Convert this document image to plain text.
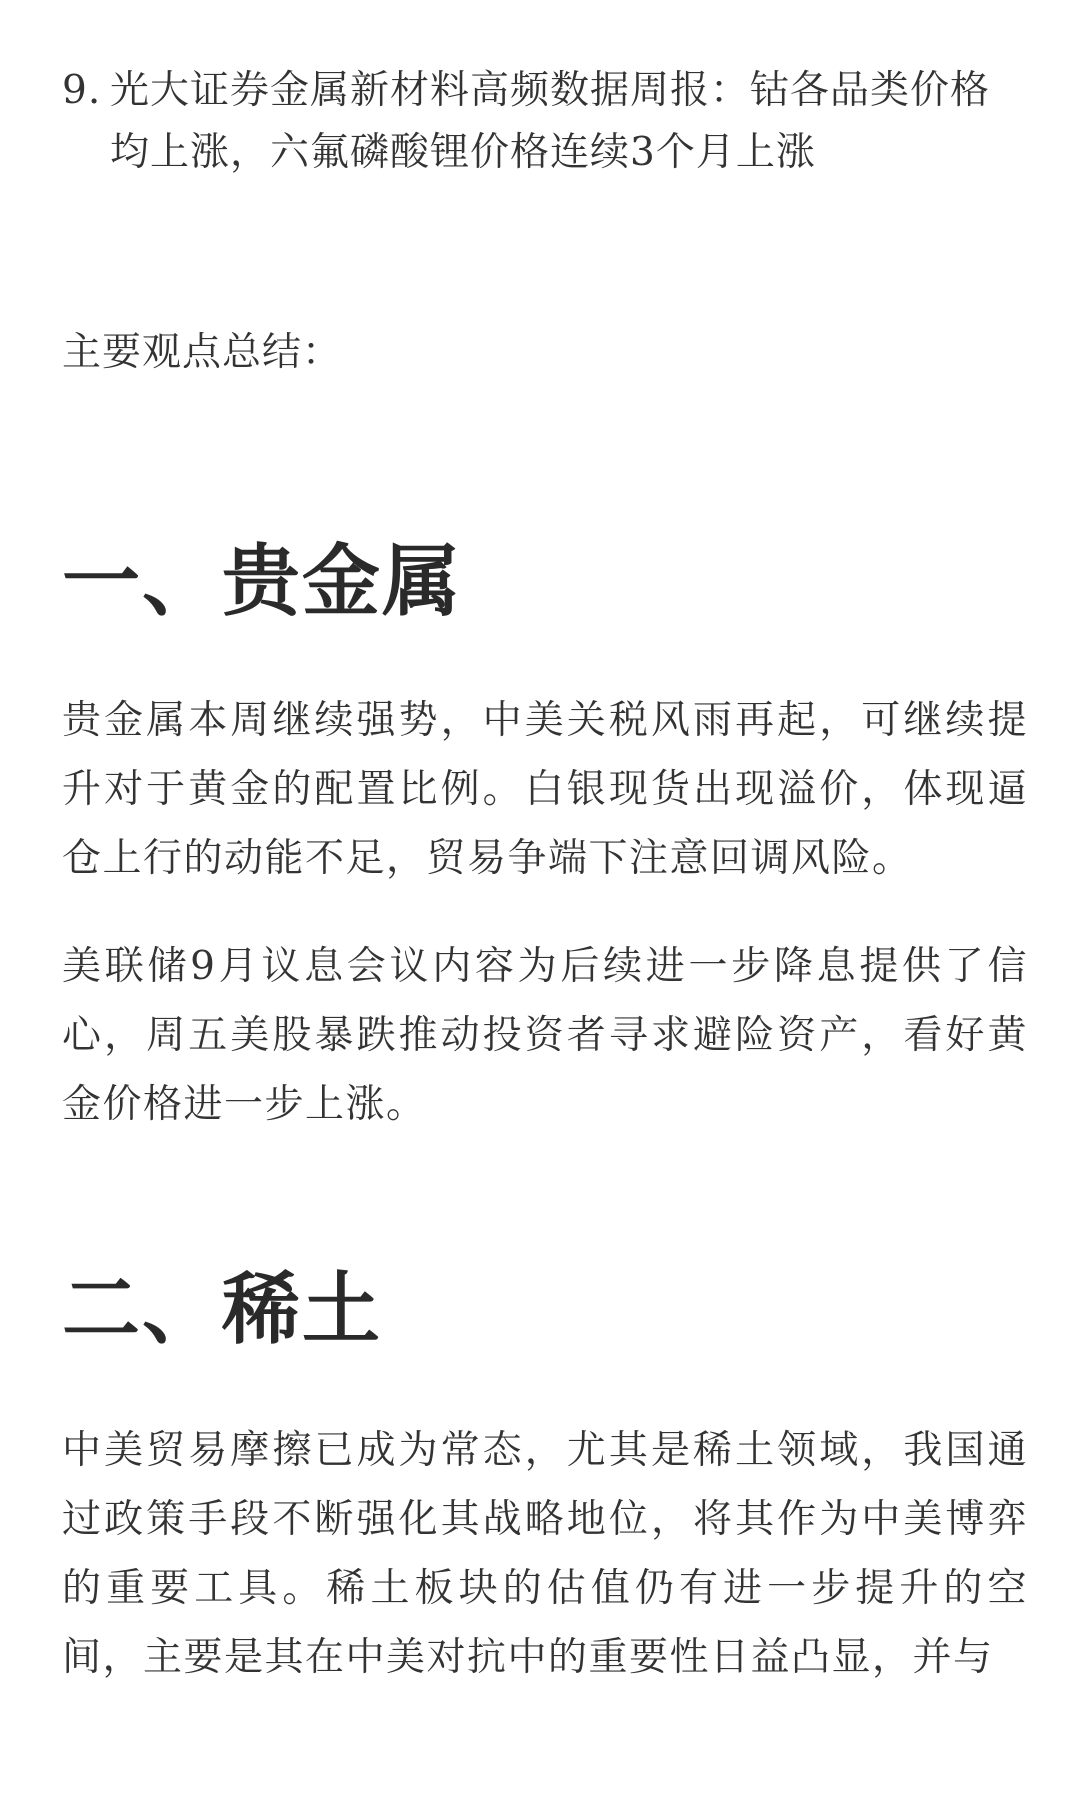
9. 光大证券金属新材料高频数据周报：钴各品类价格均上涨，六氟磷酸锂价格连续3个月上涨

主要观点总结：

一、贵金属

贵金属本周继续强势，中美关税风雨再起，可继续提升对于黄金的配置比例。白银现货出现溢价，体现逼仓上行的动能不足，贸易争端下注意回调风险。

美联储9月议息会议内容为后续进一步降息提供了信心，周五美股暴跌推动投资者寻求避险资产，看好黄金价格进一步上涨。

二、稀土

中美贸易摩擦已成为常态，尤其是稀土领域，我国通过政策手段不断强化其战略地位，将其作为中美博弈的重要工具。稀土板块的估值仍有进一步提升的空间，主要是其在中美对抗中的重要性日益凸显，并与
